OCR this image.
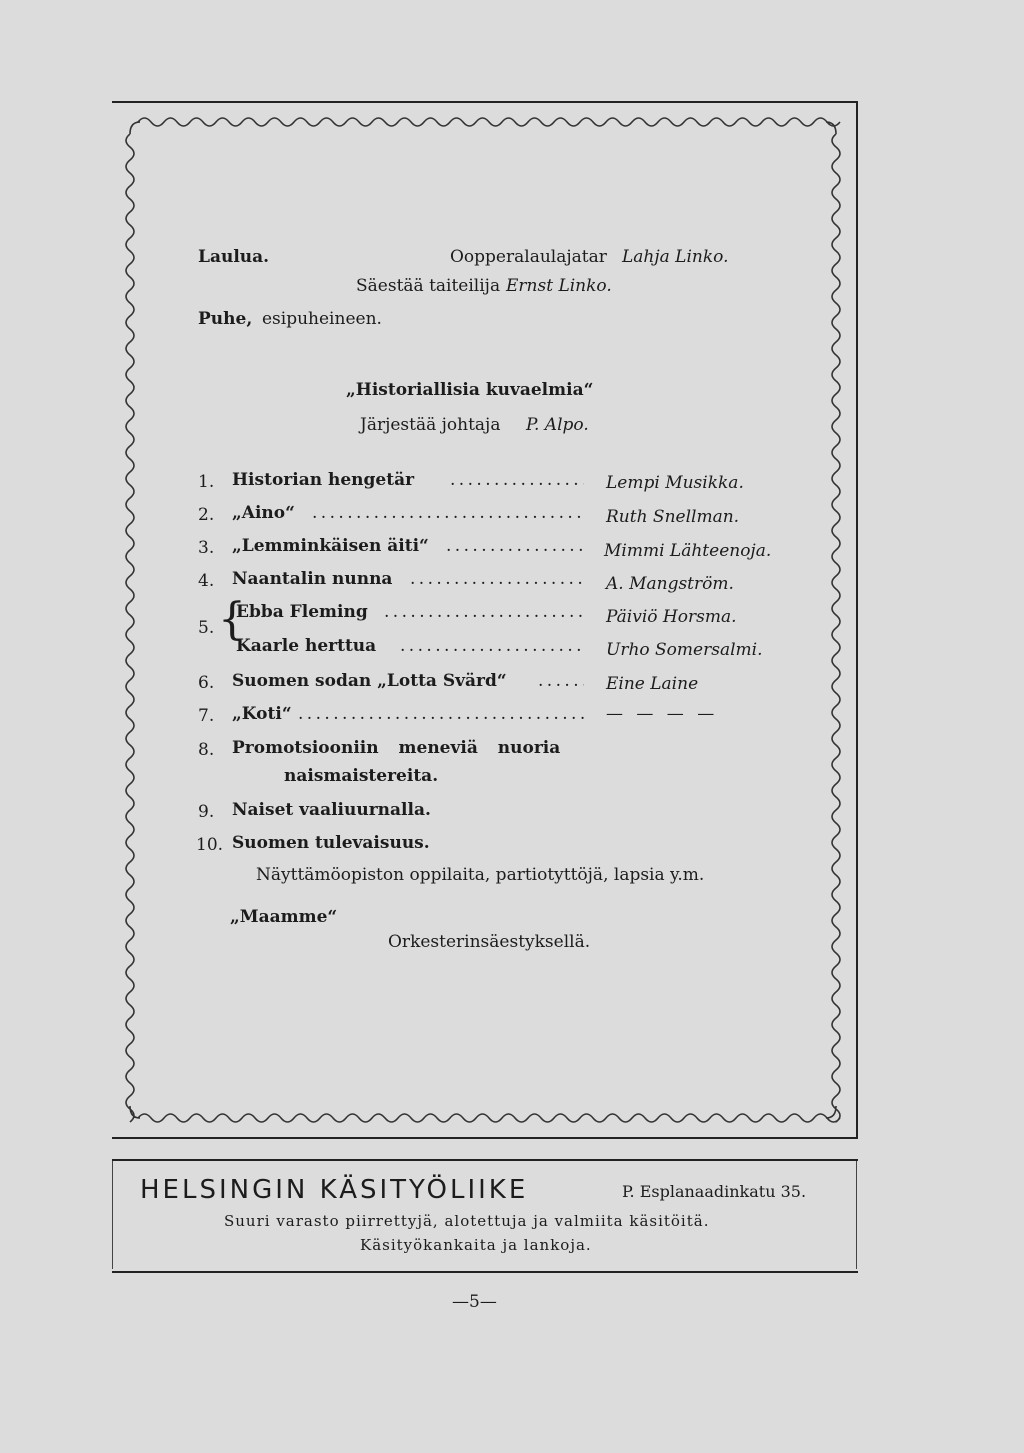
Laulua.	Oopperalaulajatar Lahja Linko.
Säestää taiteilija Ernst Linko.
Puhe, esipuheineen.
„Historiallisia kuvaelmia“
Järjestää johtaja P. Alpo.
1. Historian hengetär . . .	Lempi Musikka.
2. „Aino“ . . .	Ruth Snellman.
3. „Lemminkäisen äiti“ . . .	Mimmi Lähteenoja.
4. Naantalin nunna . . .	A. Mangström.
5. {
Ebba Fleming . . .	Päiviö Horsma.
Kaarle herttua . . .	Urho Somersalmi.
6. Suomen sodan „Lotta Svärd“ . . .	Eine Laine
7. „Koti“ . . .	— — — —
8. Promotsiooniin meneviä nuoria
naismaistereita.
9. Naiset vaaliuurnalla.
10. Suomen tulevaisuus.
Näyttämöopiston oppilaita, partiotyttöjä, lapsia y.m.
„Maamme“
Orkesterinsäestyksellä.
HELSINGIN KÄSITYÖLIIKE	P. Esplanaadinkatu 35.
Suuri varasto piirrettyjä, alotettuja ja valmiita käsitöitä.
Käsityökankaita ja lankoja.
—5—
